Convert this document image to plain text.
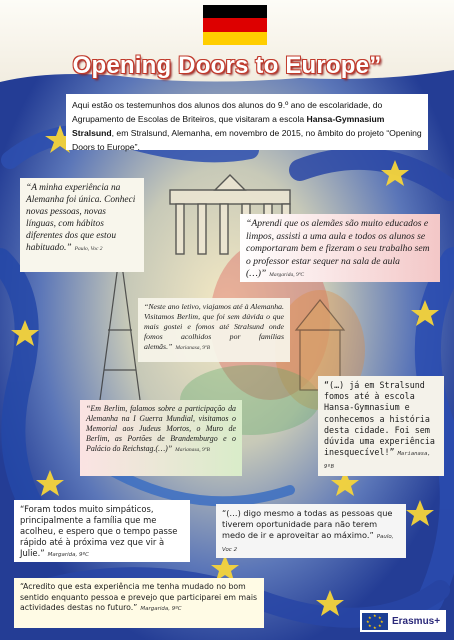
Opening Doors to Europe”
Aqui estão os testemunhos dos alunos dos alunos do 9.º ano de escolaridade, do Agrupamento de Escolas de Briteiros, que visitaram a escola Hansa-Gymnasium Stralsund, em Stralsund, Alemanha, em novembro de 2015, no âmbito do projeto “Opening Doors to Europe”.
“A minha experiência na Alemanha foi única. Conheci novas pessoas, novas línguas, com hábitos diferentes dos que estou habituado.” Paulo, Voc 2
“Aprendi que os alemães são muito educados e limpos, assisti a uma aula e todos os alunos se comportaram bem e fizeram o seu trabalho sem o professor estar sequer na sala de aula (…)” Margarida, 9ºC
“Neste ano letivo, viajamos até à Alemanha. Visitamos Berlim, que foi sem dúvida o que mais gostei e fomos até Stralsund onde fomos acolhidos por famílias alemãs.” Marianasa, 9ºB
“Em Berlim, falamos sobre a participação da Alemanha na I Guerra Mundial, visitamos o Memorial aos Judeus Mortos, o Muro de Berlim, as Portões de Brandemburgo e o Palácio do Reichstag.(…)” Marianasa, 9ºB
“(…) já em Stralsund fomos até à escola Hansa-Gymnasium e conhecemos a história desta cidade. Foi sem dúvida uma experiência inesquecível!” Marianasa, 9ºB
“Foram todos muito simpáticos, principalmente a família que me acolheu, e espero que o tempo passe rápido até à próxima vez que vir à Julie.” Margarida, 9ºC
“(…) digo mesmo a todas as pessoas que tiverem oportunidade para não terem medo de ir e aproveitar ao máximo.” Paulo, Voc 2
“Acredito que esta experiência me tenha mudado no bom sentido enquanto pessoa e prevejo que participarei em mais actividades destas no futuro.” Margarida, 9ºC
★ ★
★
★
★
★
★
★ Erasmus+
